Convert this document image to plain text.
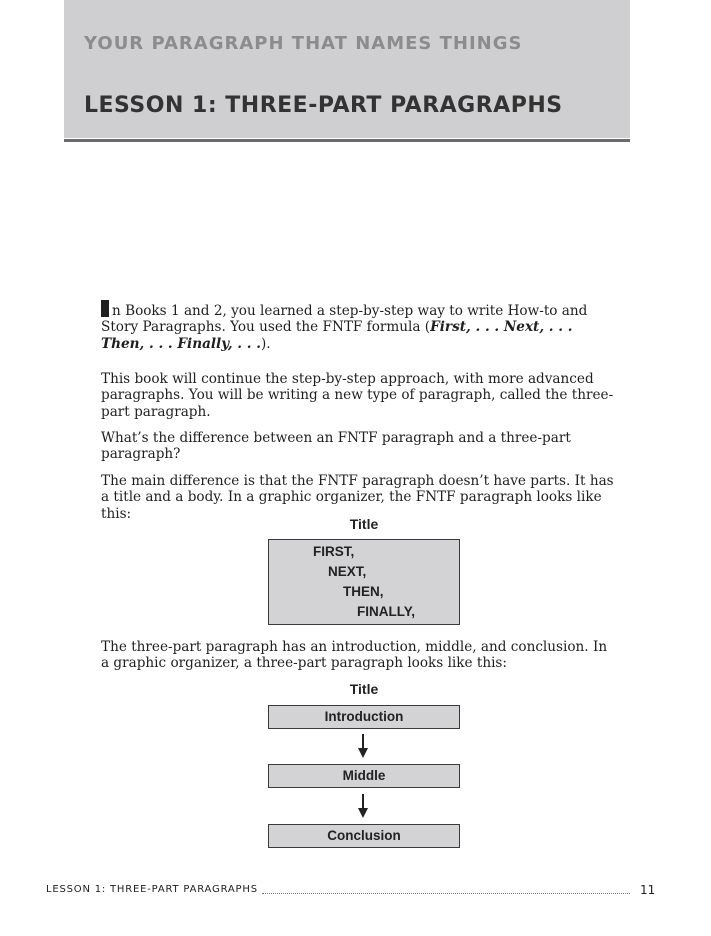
YOUR PARAGRAPH THAT NAMES THINGS
LESSON 1: THREE-PART PARAGRAPHS
n Books 1 and 2, you learned a step-by-step way to write How-to and Story Paragraphs. You used the FNTF formula (First, . . . Next, . . . Then, . . . Finally, . . .).
This book will continue the step-by-step approach, with more advanced paragraphs. You will be writing a new type of paragraph, called the three-part paragraph.
What’s the difference between an FNTF paragraph and a three-part paragraph?
The main difference is that the FNTF paragraph doesn’t have parts. It has a title and a body. In a graphic organizer, the FNTF paragraph looks like this:
Title
FIRST,
NEXT,
THEN,
FINALLY,
The three-part paragraph has an introduction, middle, and conclusion. In a graphic organizer, a three-part paragraph looks like this:
Title
Introduction
Middle
Conclusion
LESSON 1: THREE-PART PARAGRAPHS	11
